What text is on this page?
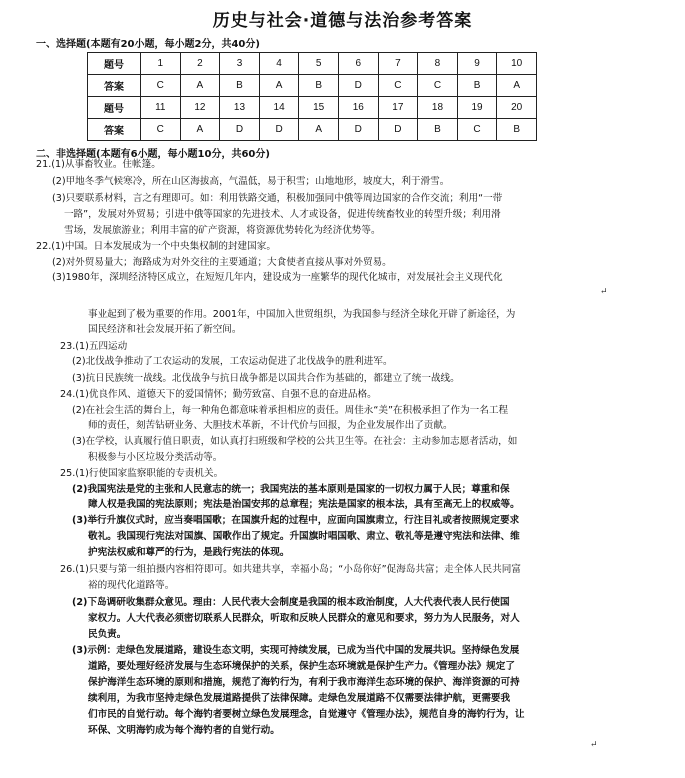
历史与社会·道德与法治参考答案
一、选择题(本题有20小题，每小题2分，共40分)
题号	1	2	3	4	5	6	7	8	9	10
答案	C	A	B	A	B	D	C	C	B	A
题号	11	12	13	14	15	16	17	18	19	20
答案	C	A	D	D	A	D	D	B	C	B
二、非选择题(本题有6小题，每小题10分，共60分)
21.(1)从事畜牧业。住帐篷。
(2)甲地冬季气候寒冷，所在山区海拔高，气温低，易于积雪；山地地形，坡度大，利于滑雪。
(3)只要联系材料，言之有理即可。如：利用铁路交通，积极加强同中俄等周边国家的合作交流；利用“一带
一路”，发展对外贸易；引进中俄等国家的先进技术、人才或设备，促进传统畜牧业的转型升级；利用滑
雪场，发展旅游业；利用丰富的矿产资源，将资源优势转化为经济优势等。
22.(1)中国。日本发展成为一个中央集权制的封建国家。
(2)对外贸易量大；海路成为对外交往的主要通道；大食使者直接从事对外贸易。
(3)1980年，深圳经济特区成立，在短短几年内，建设成为一座繁华的现代化城市，对发展社会主义现代化
↵
事业起到了极为重要的作用。2001年，中国加入世贸组织，为我国参与经济全球化开辟了新途径，为
国民经济和社会发展开拓了新空间。
23.(1)五四运动
(2)北伐战争推动了工农运动的发展，工农运动促进了北伐战争的胜利进军。
(3)抗日民族统一战线。北伐战争与抗日战争都是以国共合作为基础的，都建立了统一战线。
24.(1)优良作风、道德天下的爱国情怀；勤劳致富、自强不息的奋进品格。
(2)在社会生活的舞台上，每一种角色都意味着承担相应的责任。周佳永“美”在积极承担了作为一名工程
师的责任，刻苦钻研业务、大胆技术革新，不计代价与回报，为企业发展作出了贡献。
(3)在学校，认真履行值日职责，如认真打扫班级和学校的公共卫生等。在社会：主动参加志愿者活动，如
积极参与小区垃圾分类活动等。
25.(1)行使国家监察职能的专责机关。
(2)我国宪法是党的主张和人民意志的统一；我国宪法的基本原则是国家的一切权力属于人民；尊重和保
障人权是我国的宪法原则；宪法是治国安邦的总章程；宪法是国家的根本法，具有至高无上的权威等。
(3)举行升旗仪式时，应当奏唱国歌；在国旗升起的过程中，应面向国旗肃立，行注目礼或者按照规定要求
敬礼。我国现行宪法对国旗、国歌作出了规定。升国旗时唱国歌、肃立、敬礼等是遵守宪法和法律、维
护宪法权威和尊严的行为，是践行宪法的体现。
26.(1)只要与第一组拍摄内容相符即可。如共建共享，幸福小岛；“小岛你好”促海岛共富；走全体人民共同富
裕的现代化道路等。
(2)下岛调研收集群众意见。理由：人民代表大会制度是我国的根本政治制度，人大代表代表人民行使国
家权力。人大代表必须密切联系人民群众，听取和反映人民群众的意见和要求，努力为人民服务，对人
民负责。
(3)示例：走绿色发展道路，建设生态文明，实现可持续发展，已成为当代中国的发展共识。坚持绿色发展
道路，要处理好经济发展与生态环境保护的关系，保护生态环境就是保护生产力。《管理办法》规定了
保护海洋生态环境的原则和措施，规范了海钓行为，有利于我市海洋生态环境的保护、海洋资源的可持
续利用，为我市坚持走绿色发展道路提供了法律保障。走绿色发展道路不仅需要法律护航，更需要我
们市民的自觉行动。每个海钓者要树立绿色发展理念，自觉遵守《管理办法》，规范自身的海钓行为，让
环保、文明海钓成为每个海钓者的自觉行动。
↵
